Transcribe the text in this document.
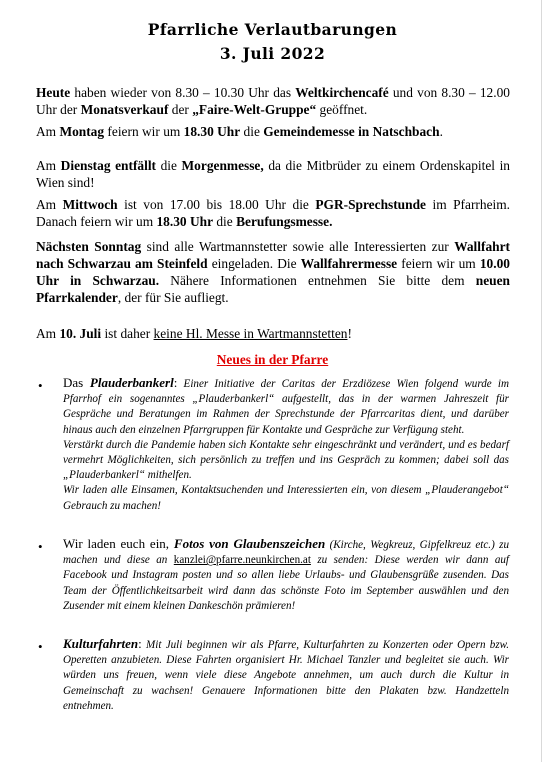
Pfarrliche Verlautbarungen
3. Juli 2022
Heute haben wieder von 8.30 – 10.30 Uhr das Weltkirchencafé und von 8.30 – 12.00 Uhr der Monatsverkauf der „Faire-Welt-Gruppe“ geöffnet.
Am Montag feiern wir um 18.30 Uhr die Gemeindemesse in Natschbach.
Am Dienstag entfällt die Morgenmesse, da die Mitbrüder zu einem Ordenskapitel in Wien sind!
Am Mittwoch ist von 17.00 bis 18.00 Uhr die PGR-Sprechstunde im Pfarrheim. Danach feiern wir um 18.30 Uhr die Berufungsmesse.
Nächsten Sonntag sind alle Wartmannstetter sowie alle Interessierten zur Wallfahrt nach Schwarzau am Steinfeld eingeladen. Die Wallfahrermesse feiern wir um 10.00 Uhr in Schwarzau. Nähere Informationen entnehmen Sie bitte dem neuen Pfarrkalender, der für Sie aufliegt.
Am 10. Juli ist daher keine Hl. Messe in Wartmannstetten!
Neues in der Pfarre
• Das Plauderbankerl: Einer Initiative der Caritas der Erzdiözese Wien folgend wurde im Pfarrhof ein sogenanntes „Plauderbankerl“ aufgestellt, das in der warmen Jahreszeit für Gespräche und Beratungen im Rahmen der Sprechstunde der Pfarrcaritas dient, und darüber hinaus auch den einzelnen Pfarrgruppen für Kontakte und Gespräche zur Verfügung steht.
Verstärkt durch die Pandemie haben sich Kontakte sehr eingeschränkt und verändert, und es bedarf vermehrt Möglichkeiten, sich persönlich zu treffen und ins Gespräch zu kommen; dabei soll das „Plauderbankerl“ mithelfen.
Wir laden alle Einsamen, Kontaktsuchenden und Interessierten ein, von diesem „Plauderangebot“ Gebrauch zu machen!
• Wir laden euch ein, Fotos von Glaubenszeichen (Kirche, Wegkreuz, Gipfelkreuz etc.) zu machen und diese an kanzlei@pfarre.neunkirchen.at zu senden: Diese werden wir dann auf Facebook und Instagram posten und so allen liebe Urlaubs- und Glaubensgrüße zusenden. Das Team der Öffentlichkeitsarbeit wird dann das schönste Foto im September auswählen und den Zusender mit einem kleinen Dankeschön prämieren!
• Kulturfahrten: Mit Juli beginnen wir als Pfarre, Kulturfahrten zu Konzerten oder Opern bzw. Operetten anzubieten. Diese Fahrten organisiert Hr. Michael Tanzler und begleitet sie auch. Wir würden uns freuen, wenn viele diese Angebote annehmen, um auch durch die Kultur in Gemeinschaft zu wachsen! Genauere Informationen bitte den Plakaten bzw. Handzetteln entnehmen.
